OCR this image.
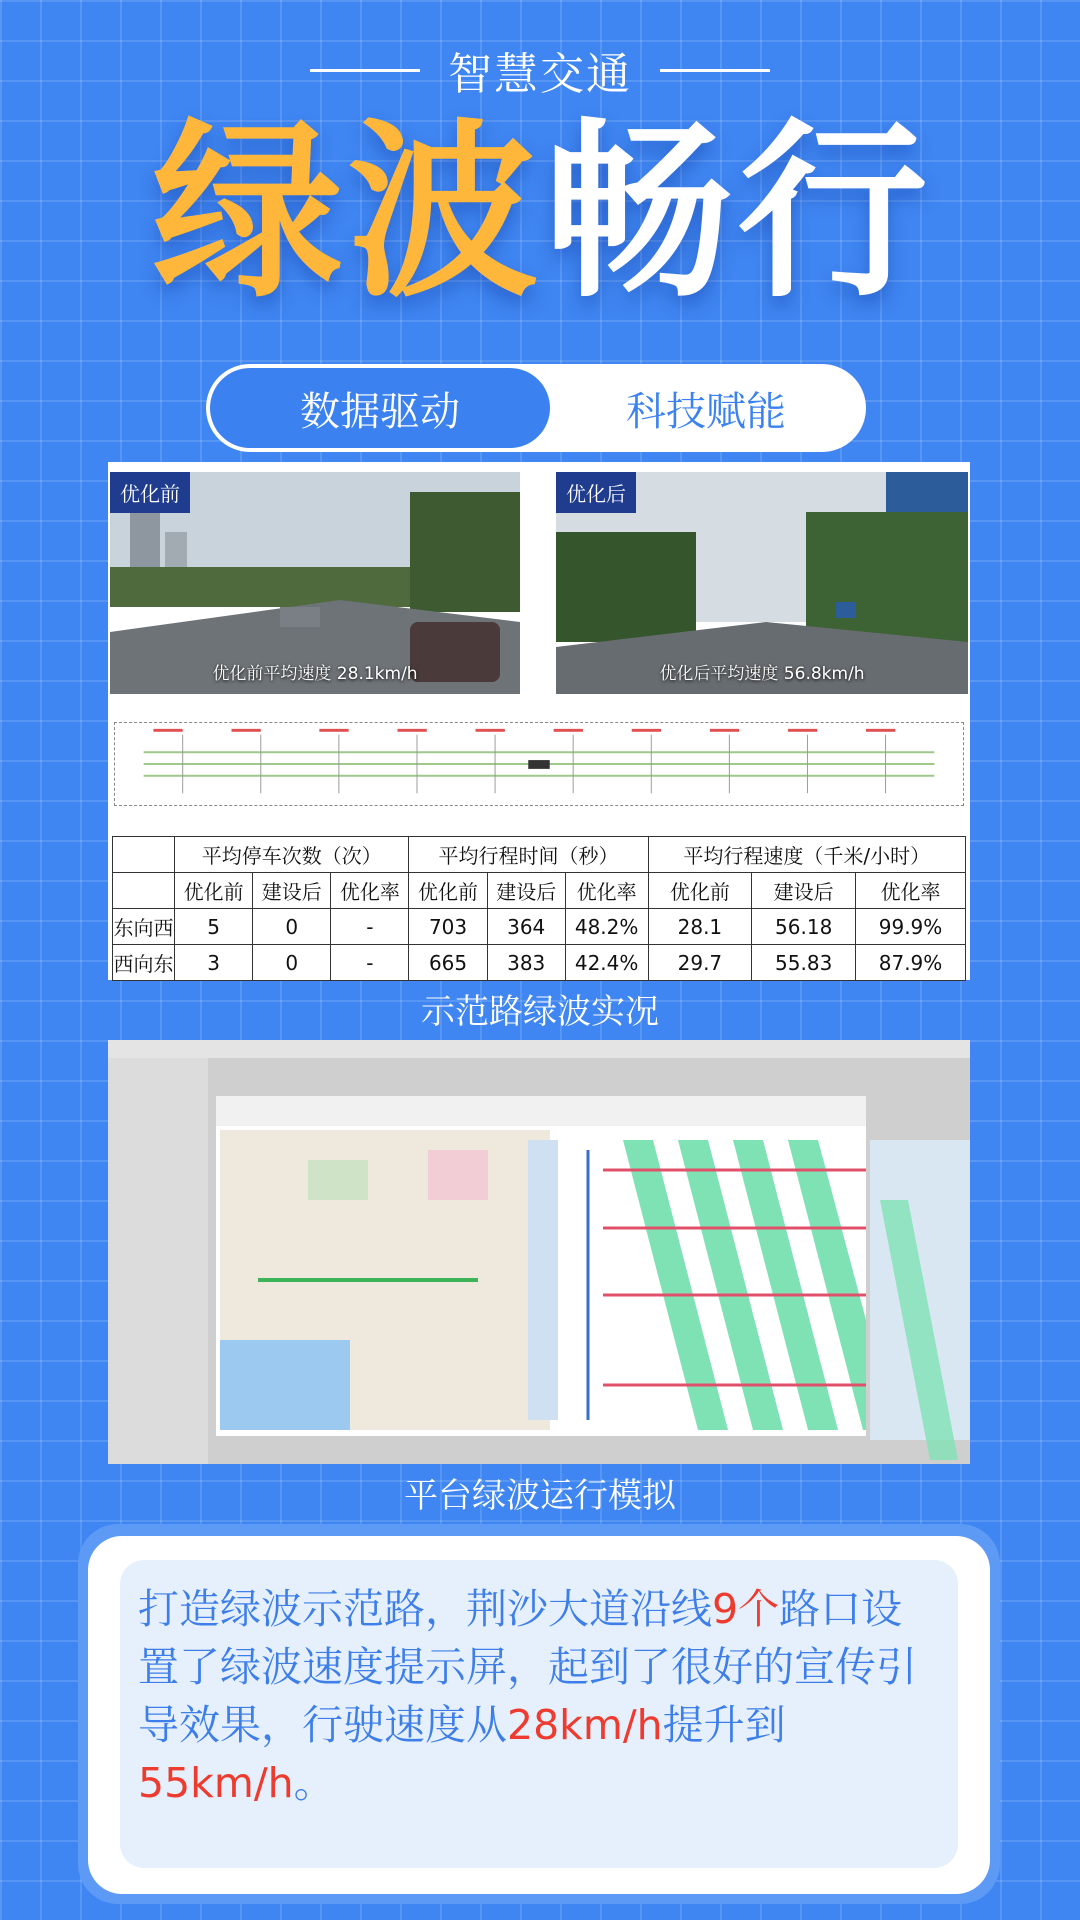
智慧交通
绿 波 畅 行
数据驱动	科技赋能
优化前
优化前平均速度 28.1km/h
优化后
优化后平均速度 56.8km/h
	平均停车次数（次）			平均行程时间（秒）			平均行程速度（千米/小时）		
	优化前	建设后	优化率	优化前	建设后	优化率	优化前	建设后	优化率
东向西	5	0	-	703	364	48.2%	28.1	56.18	99.9%
西向东	3	0	-	665	383	42.4%	29.7	55.83	87.9%
示范路绿波实况
平台绿波运行模拟

打造绿波示范路，荆沙大道沿线9个路口设置了绿波速度提示屏，起到了很好的宣传引导效果，行驶速度从28km/h提升到55km/h。
